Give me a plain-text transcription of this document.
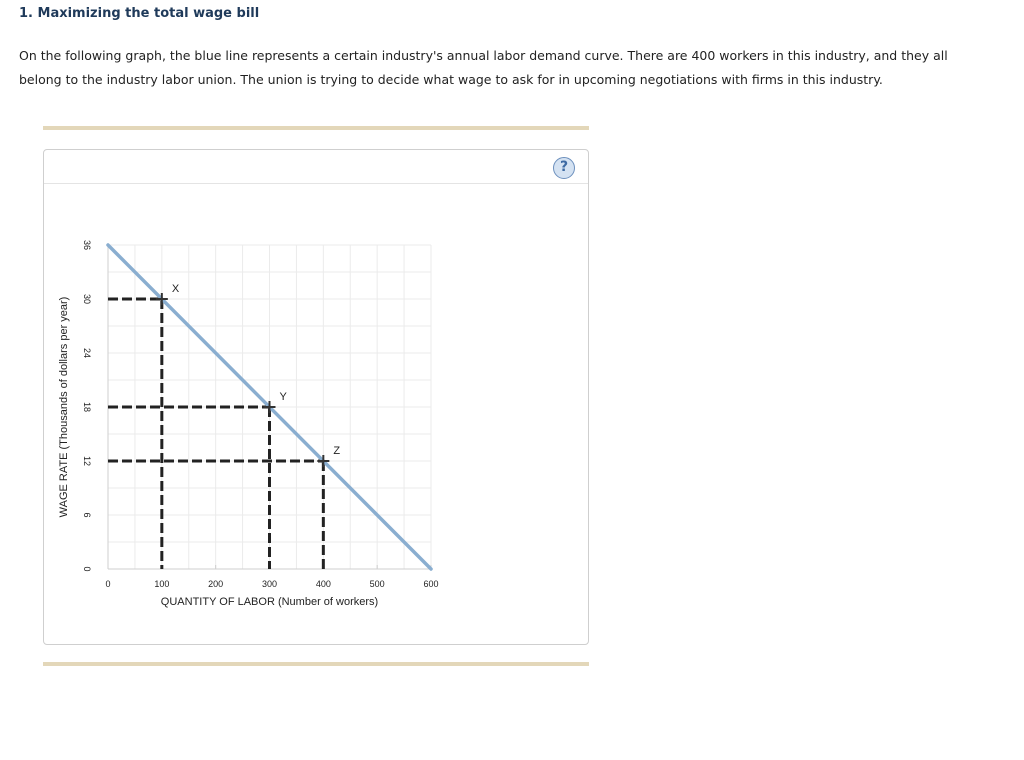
1. Maximizing the total wage bill

On the following graph, the blue line represents a certain industry's annual labor demand curve. There are 400 workers in this industry, and they all belong to the industry labor union. The union is trying to decide what wage to ask for in upcoming negotiations with firms in this industry.

?
0	100	200	300	400	500	600
0
6
12
18
24
30
36
QUANTITY OF LABOR (Number of workers)
WAGE RATE (Thousands of dollars per year)
X
Y
Z
